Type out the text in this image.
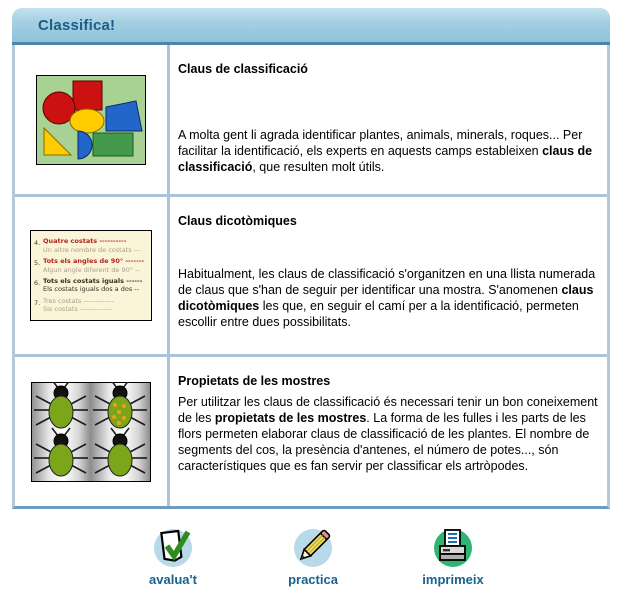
Classifica!
Claus de classificació
A molta gent li agrada identificar plantes, animals, minerals, roques... Per facilitar la identificació, els experts en aquests camps estableixen claus de classificació, que resulten molt útils.
4. Quatre costats ----------
Un altre nombre de costats ---
5. Tots els angles de 90° -------
Algun angle diferent de 90° --
6. Tots els costats iguals ------
Els costats iguals dos a dos --
7. Tres costats -------------
Sis costats --------------
Claus dicotòmiques
Habitualment, les claus de classificació s'organitzen en una llista numerada de claus que s'han de seguir per identificar una mostra. S'anomenen claus dicotòmiques les que, en seguir el camí per a la identificació, permeten escollir entre dues possibilitats.
Propietats de les mostres
Per utilitzar les claus de classificació és necessari tenir un bon coneixement de les propietats de les mostres. La forma de les fulles i les parts de les flors permeten elaborar claus de classificació de les plantes. El nombre de segments del cos, la presència d'antenes, el número de potes..., són característiques que es fan servir per classificar els artròpodes.
avalua't	practica	imprimeix
